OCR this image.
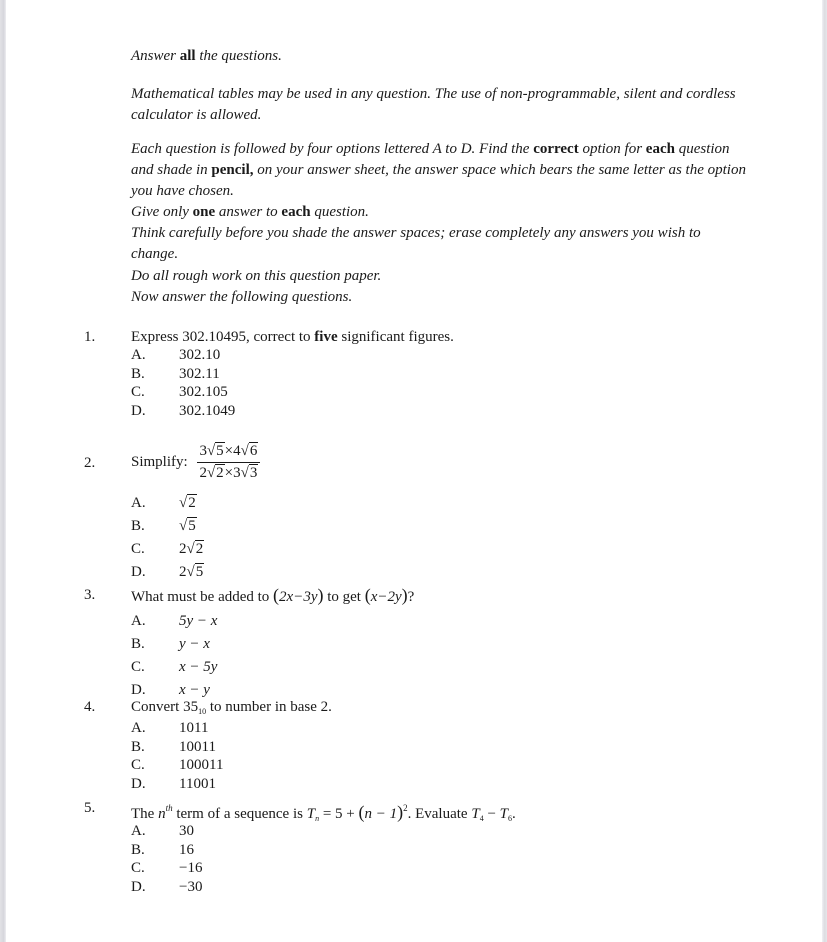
Answer all the questions.
Mathematical tables may be used in any question. The use of non-programmable, silent and cordless calculator is allowed.
Each question is followed by four options lettered A to D. Find the correct option for each question and shade in pencil, on your answer sheet, the answer space which bears the same letter as the option you have chosen.
Give only one answer to each question.
Think carefully before you shade the answer spaces; erase completely any answers you wish to change.
Do all rough work on this question paper.
Now answer the following questions.
1. Express 302.10495, correct to five significant figures.
A. 302.10
B. 302.11
C. 302.105
D. 302.1049
2. Simplify: $\frac{3√5\times 4√6}{2√2\times 3√3}$
A. √2
B. √5
C. 2√2
D. 2√5
3. What must be added to (2x−3y) to get (x−2y)?
A. 5y − x
B. y − x
C. x − 5y
D. x − y
4. Convert $35_{10}$ to number in base 2.
A. 1011
B. 10011
C. 100011
D. 11001
5. The $n^{th}$ term of a sequence is $T_n = 5 + (n - 1)^2$. Evaluate $T_4 - T_6$.
A. 30
B. 16
C. −16
D. −30
